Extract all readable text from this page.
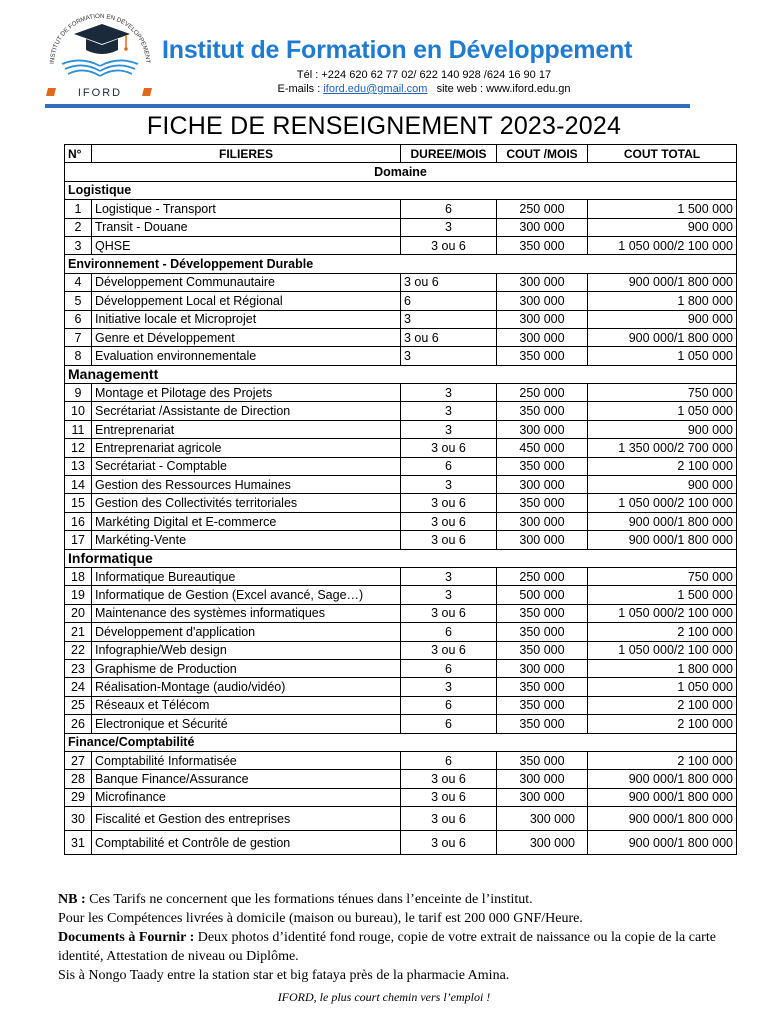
INSTITUT DE FORMATION EN DÉVELOPPEMENT
IFORD
Institut de Formation en Développement
Tél : +224 620 62 77 02/ 622 140 928 /624 16 90 17
E-mails : iford.edu@gmail.com site web : www.iford.edu.gn
FICHE DE RENSEIGNEMENT 2023-2024
N°	FILIERES	DUREE/MOIS	COUT /MOIS	COUT TOTAL
Domaine				
Logistique				
1	Logistique - Transport	6	250 000	1 500 000
2	Transit - Douane	3	300 000	900 000
3	QHSE	3 ou 6	350 000	1 050 000/2 100 000
Environnement - Développement Durable				
4	Développement Communautaire	3 ou 6	300 000	900 000/1 800 000
5	Développement Local et Régional	6	300 000	1 800 000
6	Initiative locale et Microprojet	3	300 000	900 000
7	Genre et Développement	3 ou 6	300 000	900 000/1 800 000
8	Evaluation environnementale	3	350 000	1 050 000
Managementt				
9	Montage et Pilotage des Projets	3	250 000	750 000
10	Secrétariat /Assistante de Direction	3	350 000	1 050 000
11	Entreprenariat	3	300 000	900 000
12	Entreprenariat agricole	3 ou 6	450 000	1 350 000/2 700 000
13	Secrétariat - Comptable	6	350 000	2 100 000
14	Gestion des Ressources Humaines	3	300 000	900 000
15	Gestion des Collectivités territoriales	3 ou 6	350 000	1 050 000/2 100 000
16	Markéting Digital et E-commerce	3 ou 6	300 000	900 000/1 800 000
17	Markéting-Vente	3 ou 6	300 000	900 000/1 800 000
Informatique				
18	Informatique Bureautique	3	250 000	750 000
19	Informatique de Gestion (Excel avancé, Sage…)	3	500 000	1 500 000
20	Maintenance des systèmes informatiques	3 ou 6	350 000	1 050 000/2 100 000
21	Développement d'application	6	350 000	2 100 000
22	Infographie/Web design	3 ou 6	350 000	1 050 000/2 100 000
23	Graphisme de Production	6	300 000	1 800 000
24	Réalisation-Montage (audio/vidéo)	3	350 000	1 050 000
25	Réseaux et Télécom	6	350 000	2 100 000
26	Electronique et Sécurité	6	350 000	2 100 000
Finance/Comptabilité				
27	Comptabilité Informatisée	6	350 000	2 100 000
28	Banque Finance/Assurance	3 ou 6	300 000	900 000/1 800 000
29	Microfinance	3 ou 6	300 000	900 000/1 800 000
30	Fiscalité et Gestion des entreprises	3 ou 6	300 000	900 000/1 800 000
31	Comptabilité et Contrôle de gestion	3 ou 6	300 000	900 000/1 800 000

NB : Ces Tarifs ne concernent que les formations ténues dans l’enceinte de l’institut.

Pour les Compétences livrées à domicile (maison ou bureau), le tarif est 200 000 GNF/Heure.

Documents à Fournir : Deux photos d’identité fond rouge, copie de votre extrait de naissance ou la copie de la carte identité, Attestation de niveau ou Diplôme.

Sis à Nongo Taady entre la station star et big fataya près de la pharmacie Amina.

IFORD, le plus court chemin vers l’emploi !
